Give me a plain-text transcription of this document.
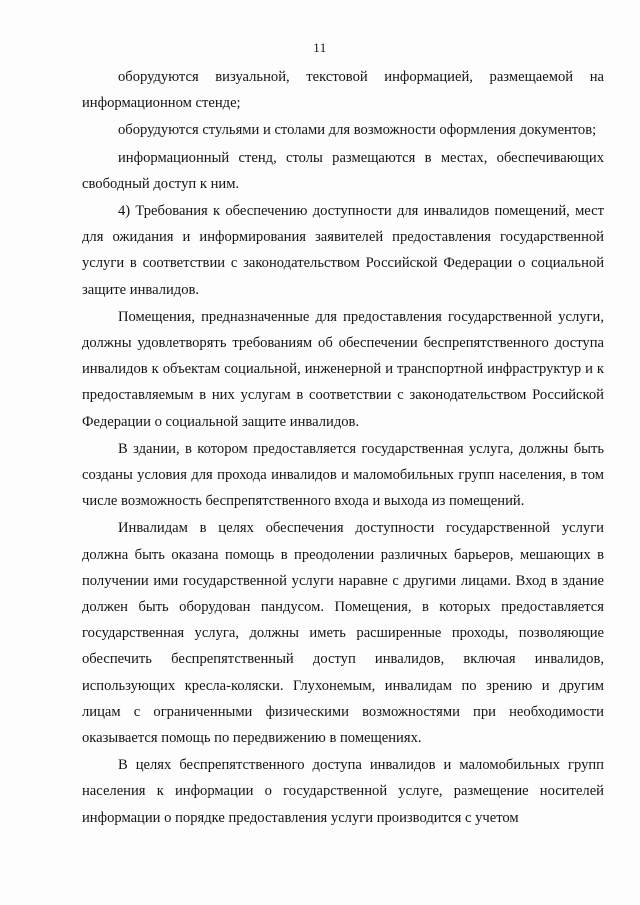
11

оборудуются визуальной, текстовой информацией, размещаемой на информационном стенде;

оборудуются стульями и столами для возможности оформления документов;

информационный стенд, столы размещаются в местах, обеспечивающих свободный доступ к ним.

4) Требования к обеспечению доступности для инвалидов помещений, мест для ожидания и информирования заявителей предоставления государственной услуги в соответствии с законодательством Российской Федерации о социальной защите инвалидов.

Помещения, предназначенные для предоставления государственной услуги, должны удовлетворять требованиям об обеспечении беспрепятственного доступа инвалидов к объектам социальной, инженерной и транспортной инфраструктур и к предоставляемым в них услугам в соответствии с законодательством Российской Федерации о социальной защите инвалидов.

В здании, в котором предоставляется государственная услуга, должны быть созданы условия для прохода инвалидов и маломобильных групп населения, в том числе возможность беспрепятственного входа и выхода из помещений.

Инвалидам в целях обеспечения доступности государственной услуги должна быть оказана помощь в преодолении различных барьеров, мешающих в получении ими государственной услуги наравне с другими лицами. Вход в здание должен быть оборудован пандусом. Помещения, в которых предоставляется государственная услуга, должны иметь расширенные проходы, позволяющие обеспечить беспрепятственный доступ инвалидов, включая инвалидов, использующих кресла-коляски. Глухонемым, инвалидам по зрению и другим лицам с ограниченными физическими возможностями при необходимости оказывается помощь по передвижению в помещениях.

В целях беспрепятственного доступа инвалидов и маломобильных групп населения к информации о государственной услуге, размещение носителей информации о порядке предоставления услуги производится с учетом
